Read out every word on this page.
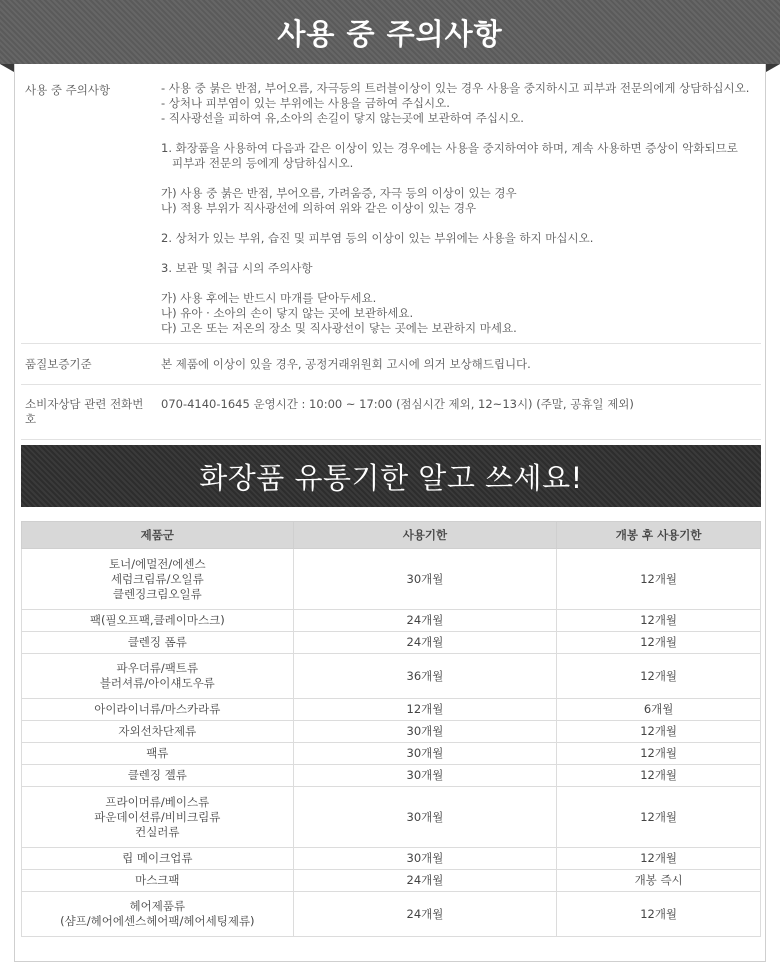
사용 중 주의사항
사용 중 주의사항	- 사용 중 붉은 반점, 부어오름, 자극등의 트러블이상이 있는 경우 사용을 중지하시고 피부과 전문의에게 상담하십시오.
- 상처나 피부염이 있는 부위에는 사용을 금하여 주십시오.
- 직사광선을 피하여 유,소아의 손길이 닿지 않는곳에 보관하여 주십시오.
1. 화장품을 사용하여 다음과 같은 이상이 있는 경우에는 사용을 중지하여야 하며, 계속 사용하면 증상이 악화되므로
피부과 전문의 등에게 상담하십시오.
가) 사용 중 붉은 반점, 부어오름, 가려움증, 자극 등의 이상이 있는 경우
나) 적용 부위가 직사광선에 의하여 위와 같은 이상이 있는 경우
2. 상처가 있는 부위, 습진 및 피부염 등의 이상이 있는 부위에는 사용을 하지 마십시오.
3. 보관 및 취급 시의 주의사항
가) 사용 후에는 반드시 마개를 닫아두세요.
나) 유아 · 소아의 손이 닿지 않는 곳에 보관하세요.
다) 고온 또는 저온의 장소 및 직사광선이 닿는 곳에는 보관하지 마세요.
품질보증기준	본 제품에 이상이 있을 경우, 공정거래위원회 고시에 의거 보상해드립니다.
소비자상담 관련 전화번호
070-4140-1645 운영시간 : 10:00 ~ 17:00 (점심시간 제외, 12~13시) (주말, 공휴일 제외)
화장품 유통기한 알고 쓰세요!
제품군	사용기한	개봉 후 사용기한

토너/에멀전/에센스
세럼크림류/오일류
클렌징크림오일류	30개월	12개월

팩(필오프팩,클레이마스크)	24개월	12개월

클렌징 폼류	24개월	12개월

파우더류/팩트류
블러셔류/아이섀도우류	36개월	12개월

아이라이너류/마스카라류	12개월	6개월

자외선차단제류	30개월	12개월

팩류	30개월	12개월

클렌징 젤류	30개월	12개월

프라이머류/베이스류
파운데이션류/비비크림류
컨실러류	30개월	12개월

립 메이크업류	30개월	12개월

마스크팩	24개월	개봉 즉시

헤어제품류
(샴프/헤어에센스헤어팩/헤어세팅제류)	24개월	12개월
